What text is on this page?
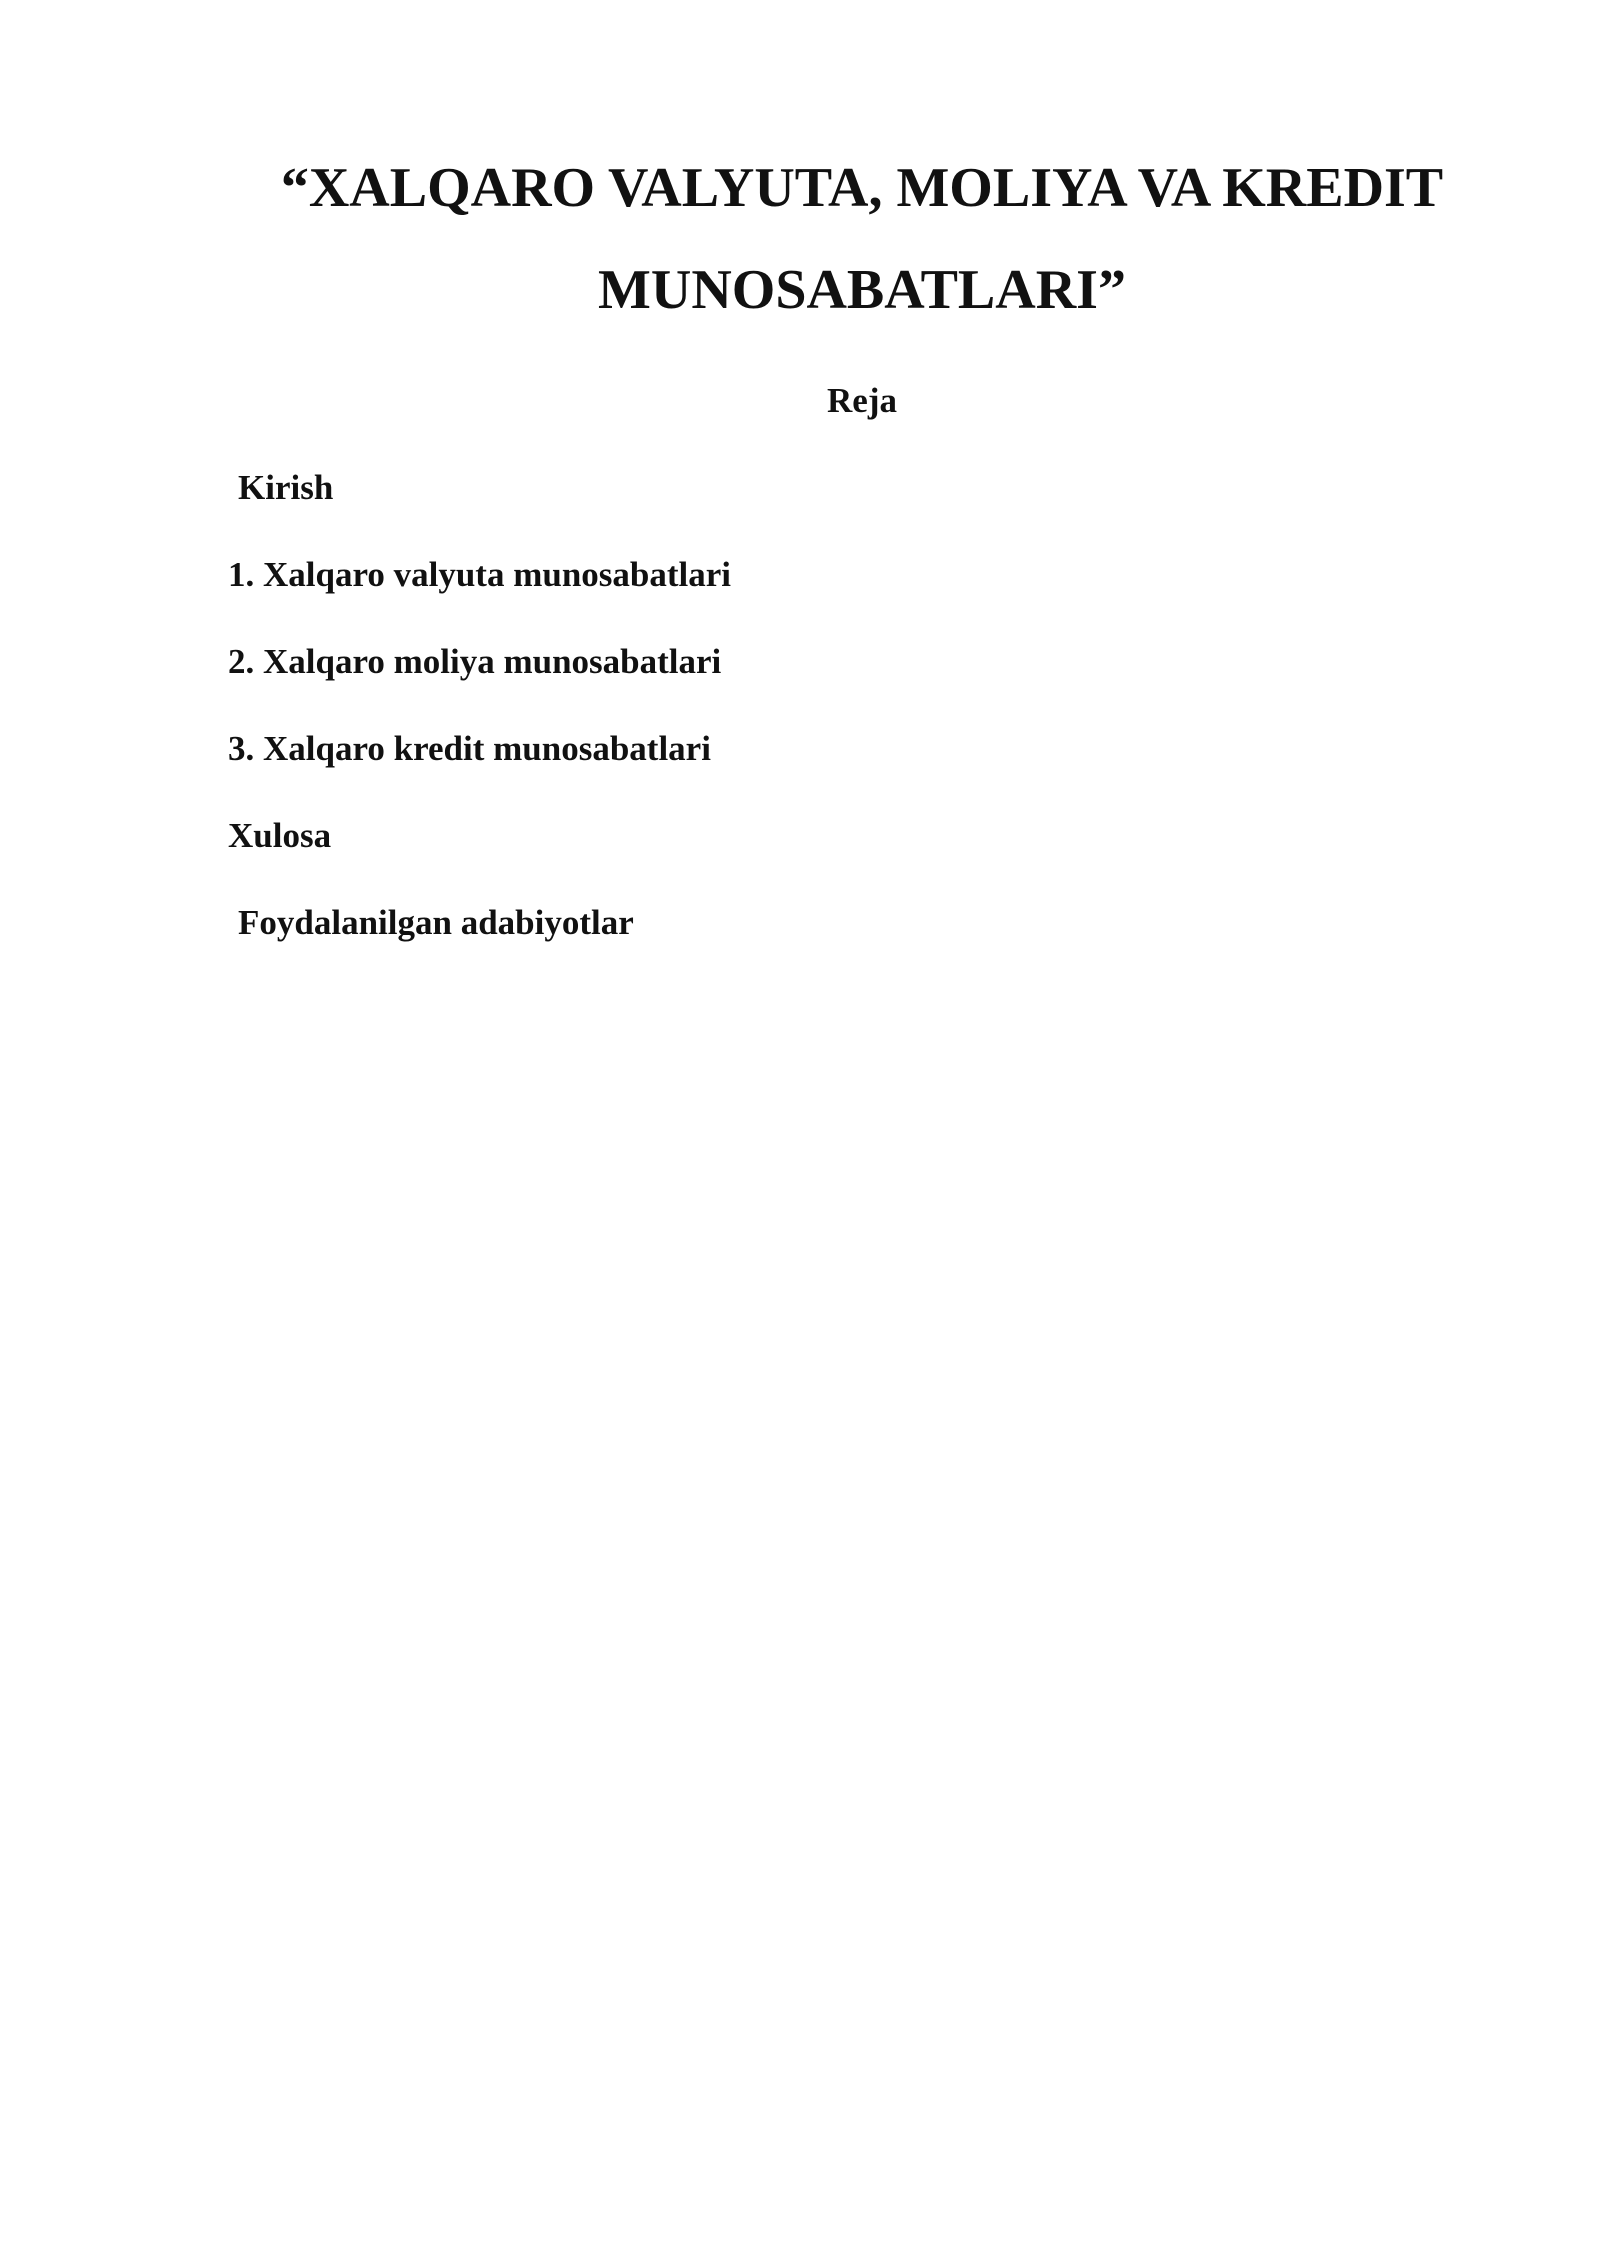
“XALQARO VALYUTA, MOLIYA VA KREDIT
MUNOSABATLARI”
Reja
Kirish
1. Xalqaro valyuta munosabatlari
2. Xalqaro moliya munosabatlari
3. Xalqaro kredit munosabatlari
Xulosa
Foydalanilgan adabiyotlar
